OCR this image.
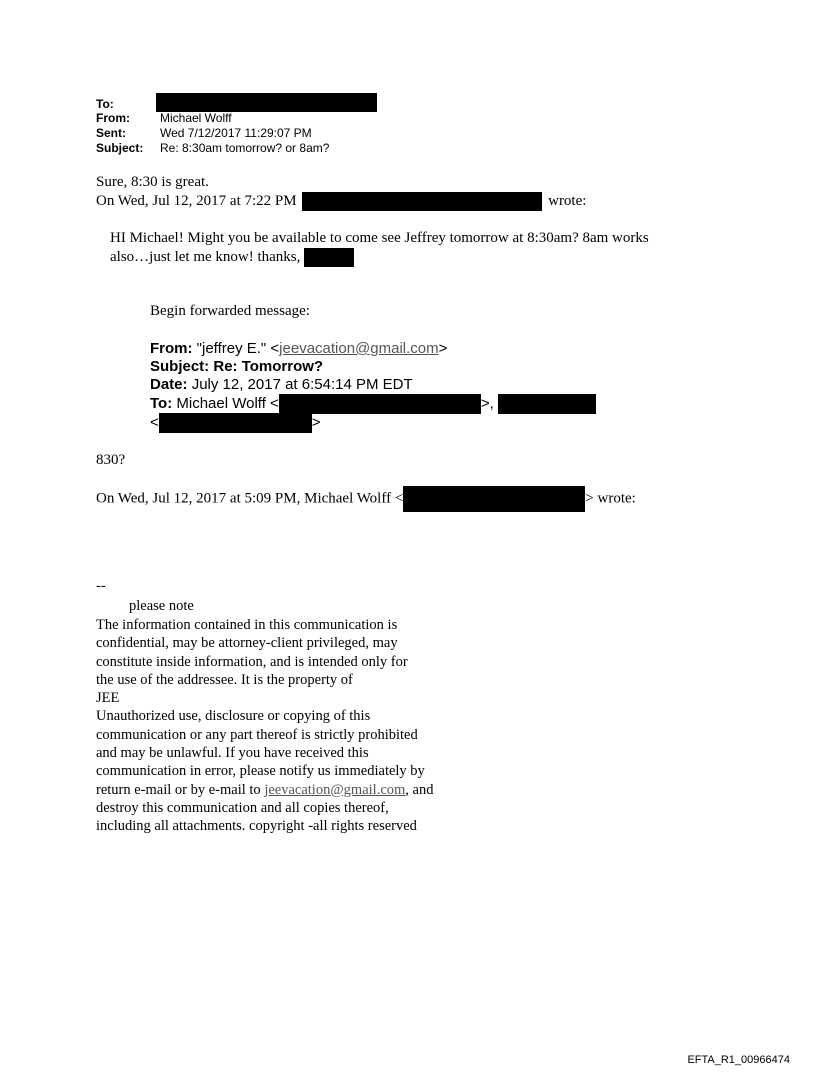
To:
From:	Michael Wolff
Sent:	Wed 7/12/2017 11:29:07 PM
Subject: Re: 8:30am tomorrow? or 8am?
Sure, 8:30 is great.
On Wed, Jul 12, 2017 at 7:22 PM	wrote:
HI Michael! Might you be available to come see Jeffrey tomorrow at 8:30am? 8am works
also…just let me know! thanks,
Begin forwarded message:
From: "jeffrey E." <jeevacation@gmail.com>
Subject: Re: Tomorrow?
Date: July 12, 2017 at 6:54:14 PM EDT
To: Michael Wolff <	>,
<	>
830?
On Wed, Jul 12, 2017 at 5:09 PM, Michael Wolff <	> wrote:
--
please note
The information contained in this communication is
confidential, may be attorney-client privileged, may
constitute inside information, and is intended only for
the use of the addressee. It is the property of
JEE
Unauthorized use, disclosure or copying of this
communication or any part thereof is strictly prohibited
and may be unlawful. If you have received this
communication in error, please notify us immediately by
return e-mail or by e-mail to jeevacation@gmail.com, and
destroy this communication and all copies thereof,
including all attachments. copyright -all rights reserved
EFTA_R1_00966474
